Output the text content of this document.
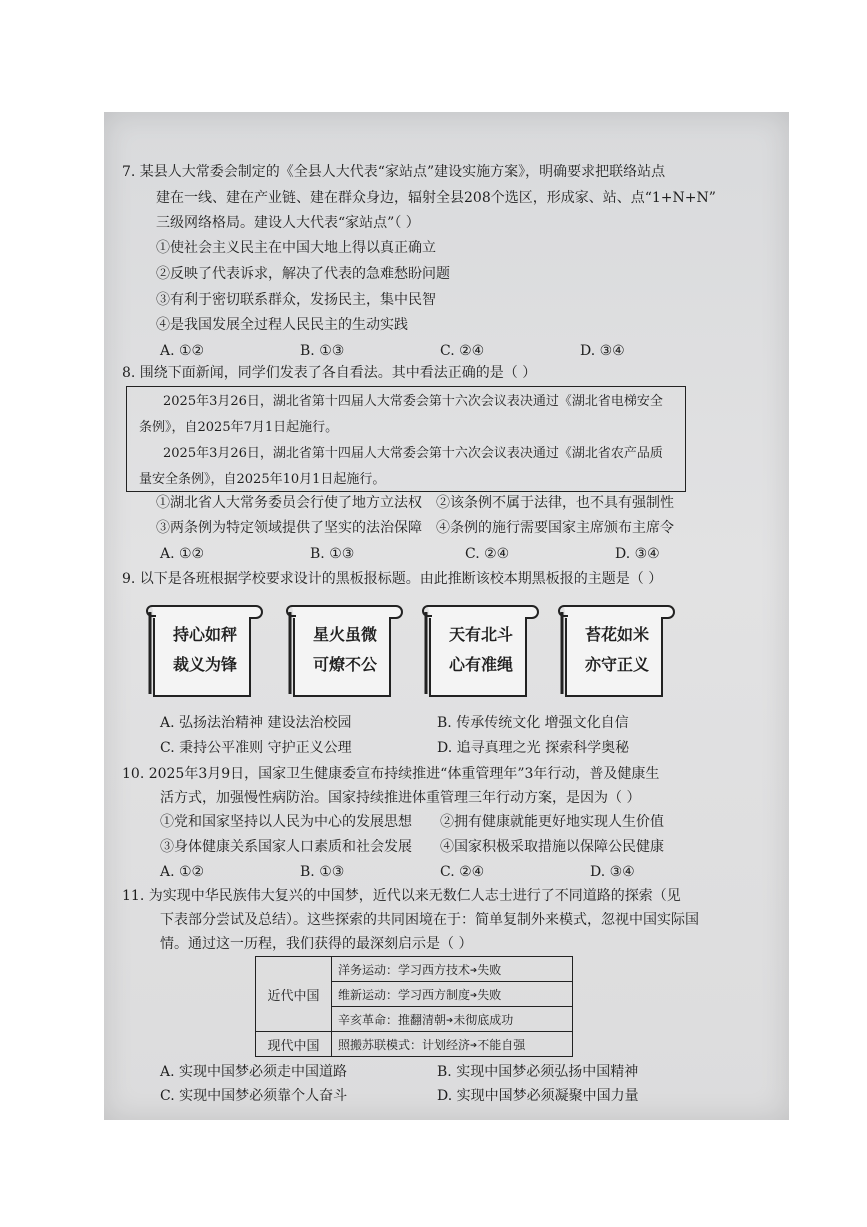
7. 某县人大常委会制定的《全县人大代表“家站点”建设实施方案》，明确要求把联络站点
建在一线、建在产业链、建在群众身边，辐射全县208个选区，形成家、站、点“1+N+N”
三级网络格局。建设人大代表“家站点”（ ）
①使社会主义民主在中国大地上得以真正确立
②反映了代表诉求，解决了代表的急难愁盼问题
③有利于密切联系群众，发扬民主，集中民智
④是我国发展全过程人民民主的生动实践
A. ①②	B. ①③	C. ②④	D. ③④
8. 围绕下面新闻，同学们发表了各自看法。其中看法正确的是（ ）

2025年3月26日，湖北省第十四届人大常委会第十六次会议表决通过《湖北省电梯安全条例》，自2025年7月1日起施行。

2025年3月26日，湖北省第十四届人大常委会第十六次会议表决通过《湖北省农产品质量安全条例》，自2025年10月1日起施行。

①湖北省人大常务委员会行使了地方立法权	②该条例不属于法律，也不具有强制性
③两条例为特定领域提供了坚实的法治保障	④条例的施行需要国家主席颁布主席令
A. ①②	B. ①③	C. ②④	D. ③④
9. 以下是各班根据学校要求设计的黑板报标题。由此推断该校本期黑板报的主题是（ ）
持心如秤
裁义为锋
星火虽微
可燎不公
天有北斗
心有准绳
苔花如米
亦守正义
A. 弘扬法治精神 建设法治校园	B. 传承传统文化 增强文化自信
C. 秉持公平准则 守护正义公理	D. 追寻真理之光 探索科学奥秘
10. 2025年3月9日，国家卫生健康委宣布持续推进“体重管理年”3年行动，普及健康生
活方式，加强慢性病防治。国家持续推进体重管理三年行动方案，是因为（ ）
①党和国家坚持以人民为中心的发展思想	②拥有健康就能更好地实现人生价值
③身体健康关系国家人口素质和社会发展	④国家积极采取措施以保障公民健康
A. ①②	B. ①③	C. ②④	D. ③④
11. 为实现中华民族伟大复兴的中国梦，近代以来无数仁人志士进行了不同道路的探索（见
下表部分尝试及总结）。这些探索的共同困境在于：简单复制外来模式，忽视中国实际国
情。通过这一历程，我们获得的最深刻启示是（ ）
近代中国	洋务运动：学习西方技术➔失败
	维新运动：学习西方制度➔失败
	辛亥革命：推翻清朝➔未彻底成功
现代中国	照搬苏联模式：计划经济➔不能自强
A. 实现中国梦必须走中国道路	B. 实现中国梦必须弘扬中国精神
C. 实现中国梦必须靠个人奋斗	D. 实现中国梦必须凝聚中国力量
